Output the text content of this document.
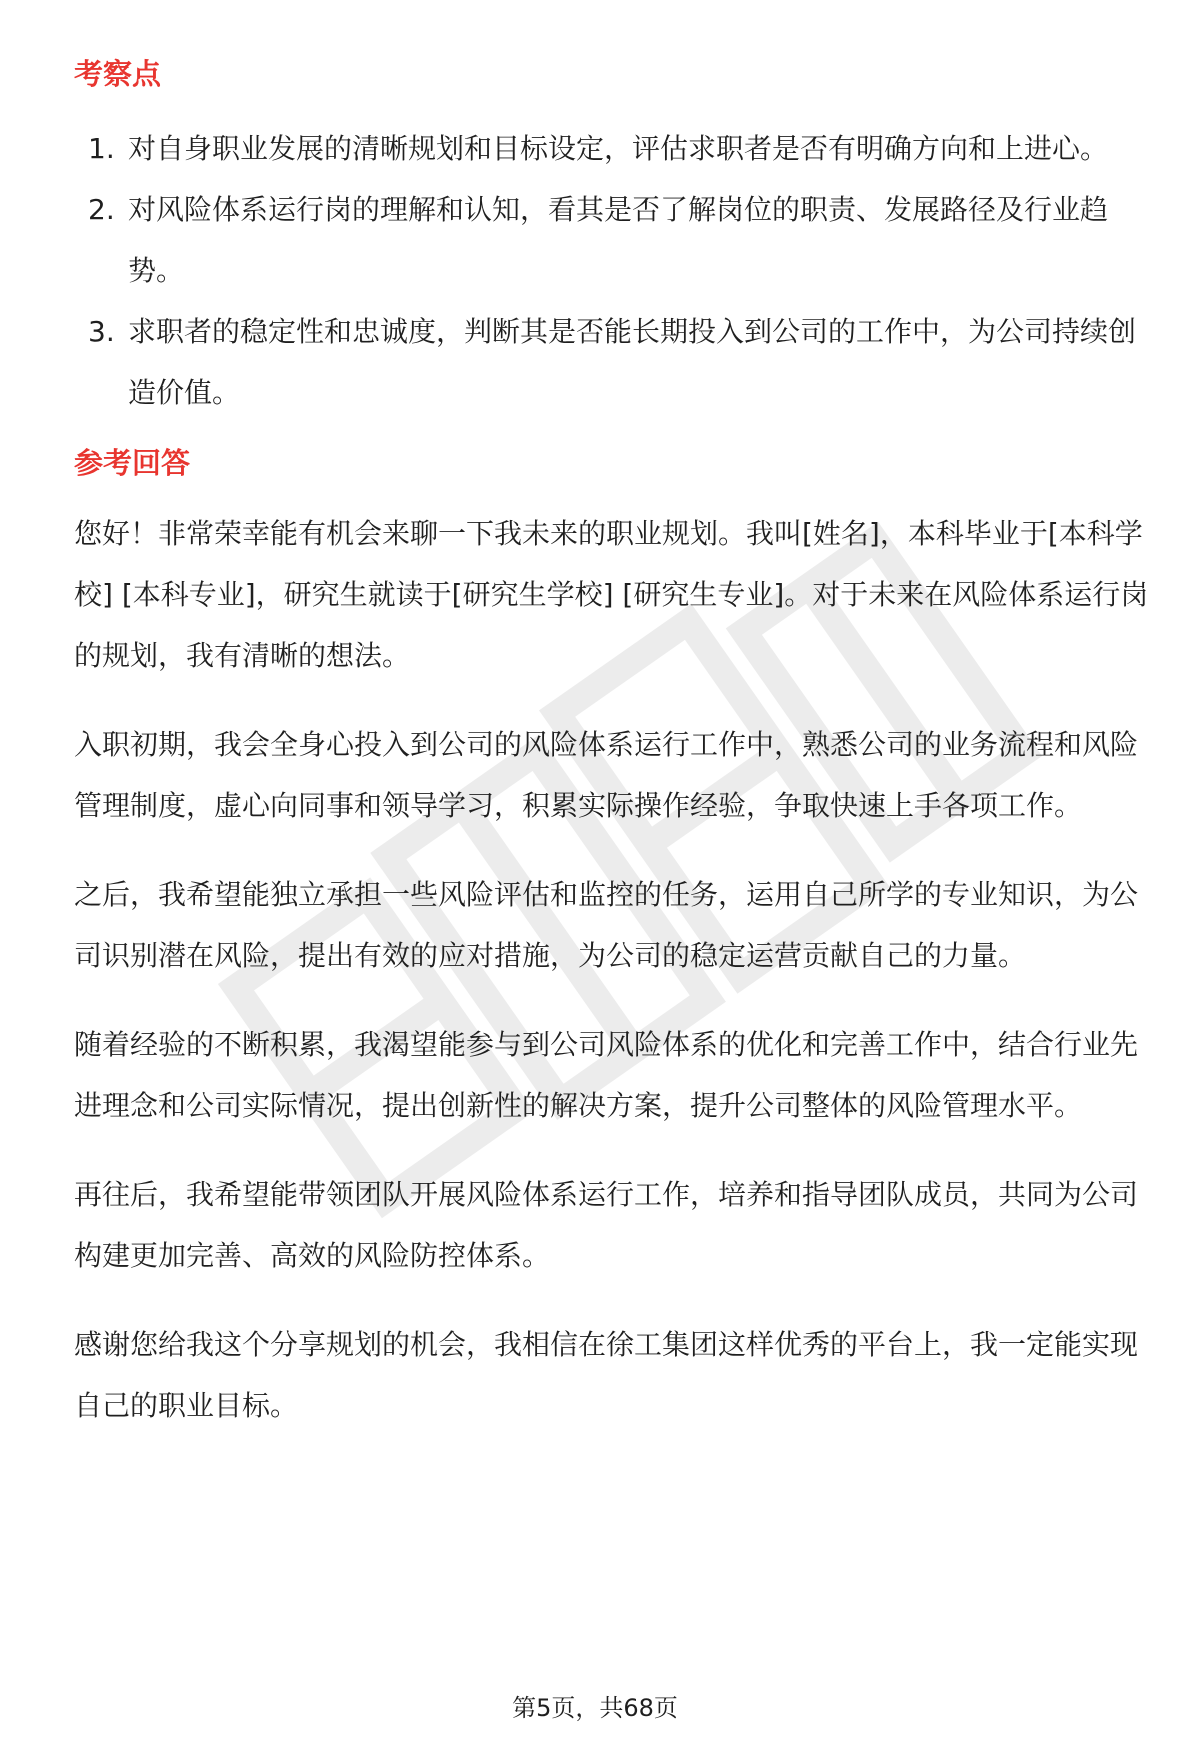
考察点
1. 对自身职业发展的清晰规划和目标设定，评估求职者是否有明确方向和上进心。
2. 对风险体系运行岗的理解和认知，看其是否了解岗位的职责、发展路径及行业趋势。
3. 求职者的稳定性和忠诚度，判断其是否能长期投入到公司的工作中，为公司持续创造价值。
参考回答

您好！非常荣幸能有机会来聊一下我未来的职业规划。我叫[姓名]，本科毕业于[本科学校] [本科专业]，研究生就读于[研究生学校] [研究生专业]。对于未来在风险体系运行岗的规划，我有清晰的想法。

入职初期，我会全身心投入到公司的风险体系运行工作中，熟悉公司的业务流程和风险管理制度，虚心向同事和领导学习，积累实际操作经验，争取快速上手各项工作。

之后，我希望能独立承担一些风险评估和监控的任务，运用自己所学的专业知识，为公司识别潜在风险，提出有效的应对措施，为公司的稳定运营贡献自己的力量。

随着经验的不断积累，我渴望能参与到公司风险体系的优化和完善工作中，结合行业先进理念和公司实际情况，提出创新性的解决方案，提升公司整体的风险管理水平。

再往后，我希望能带领团队开展风险体系运行工作，培养和指导团队成员，共同为公司构建更加完善、高效的风险防控体系。

感谢您给我这个分享规划的机会，我相信在徐工集团这样优秀的平台上，我一定能实现自己的职业目标。

第5页，共68页
